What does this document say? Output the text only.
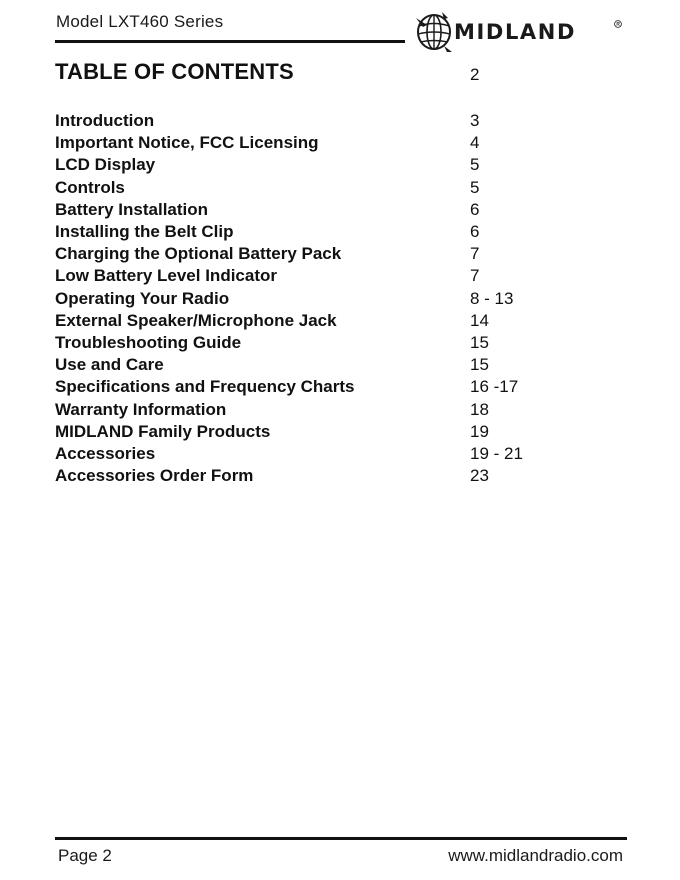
Model LXT460 Series	MIDLAND
TABLE OF CONTENTS	2
Introduction	3
Important Notice, FCC Licensing	4
LCD Display	5
Controls	5
Battery Installation	6
Installing the Belt Clip	6
Charging the Optional Battery Pack	7
Low Battery Level Indicator	7
Operating Your Radio	8 - 13
External Speaker/Microphone Jack	14
Troubleshooting Guide	15
Use and Care	15
Specifications and Frequency Charts	16 -17
Warranty Information	18
MIDLAND Family Products	19
Accessories	19 - 21
Accessories Order Form	23
Page 2	www.midlandradio.com
